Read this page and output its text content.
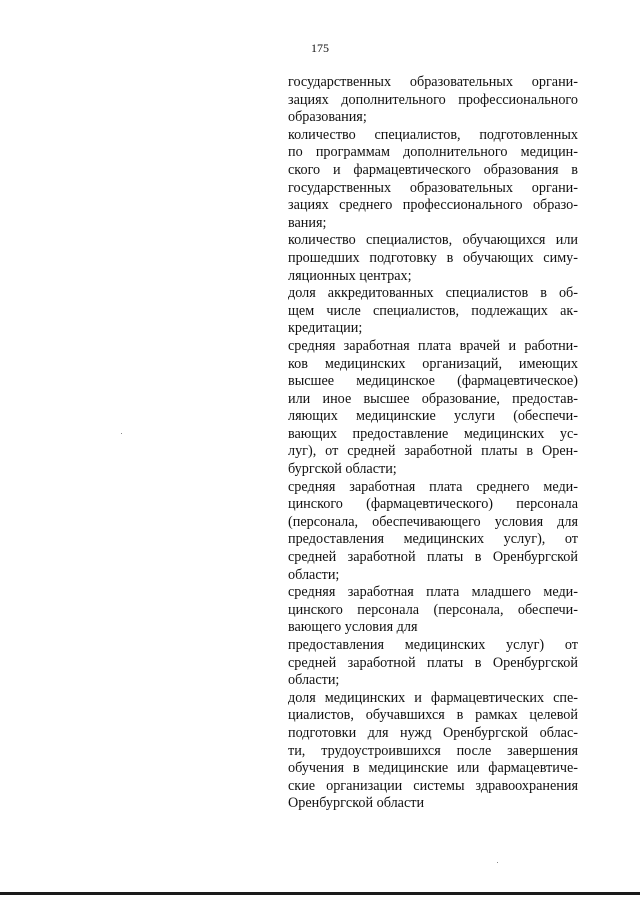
175
государственных образовательных органи-
зациях дополнительного профессионального
образования;
количество специалистов, подготовленных
по программам дополнительного медицин-
ского и фармацевтического образования в
государственных образовательных органи-
зациях среднего профессионального образо-
вания;
количество специалистов, обучающихся или
прошедших подготовку в обучающих симу-
ляционных центрах;
доля аккредитованных специалистов в об-
щем числе специалистов, подлежащих ак-
кредитации;
средняя заработная плата врачей и работни-
ков медицинских организаций, имеющих
высшее медицинское (фармацевтическое)
или иное высшее образование, предостав-
ляющих медицинские услуги (обеспечи-
вающих предоставление медицинских ус-
луг), от средней заработной платы в Орен-
бургской области;
средняя заработная плата среднего меди-
цинского (фармацевтического) персонала
(персонала, обеспечивающего условия для
предоставления медицинских услуг), от
средней заработной платы в Оренбургской
области;
средняя заработная плата младшего меди-
цинского персонала (персонала, обеспечи-
вающего условия для
предоставления медицинских услуг) от
средней заработной платы в Оренбургской
области;
доля медицинских и фармацевтических спе-
циалистов, обучавшихся в рамках целевой
подготовки для нужд Оренбургской облас-
ти, трудоустроившихся после завершения
обучения в медицинские или фармацевтиче-
ские организации системы здравоохранения
Оренбургской области
